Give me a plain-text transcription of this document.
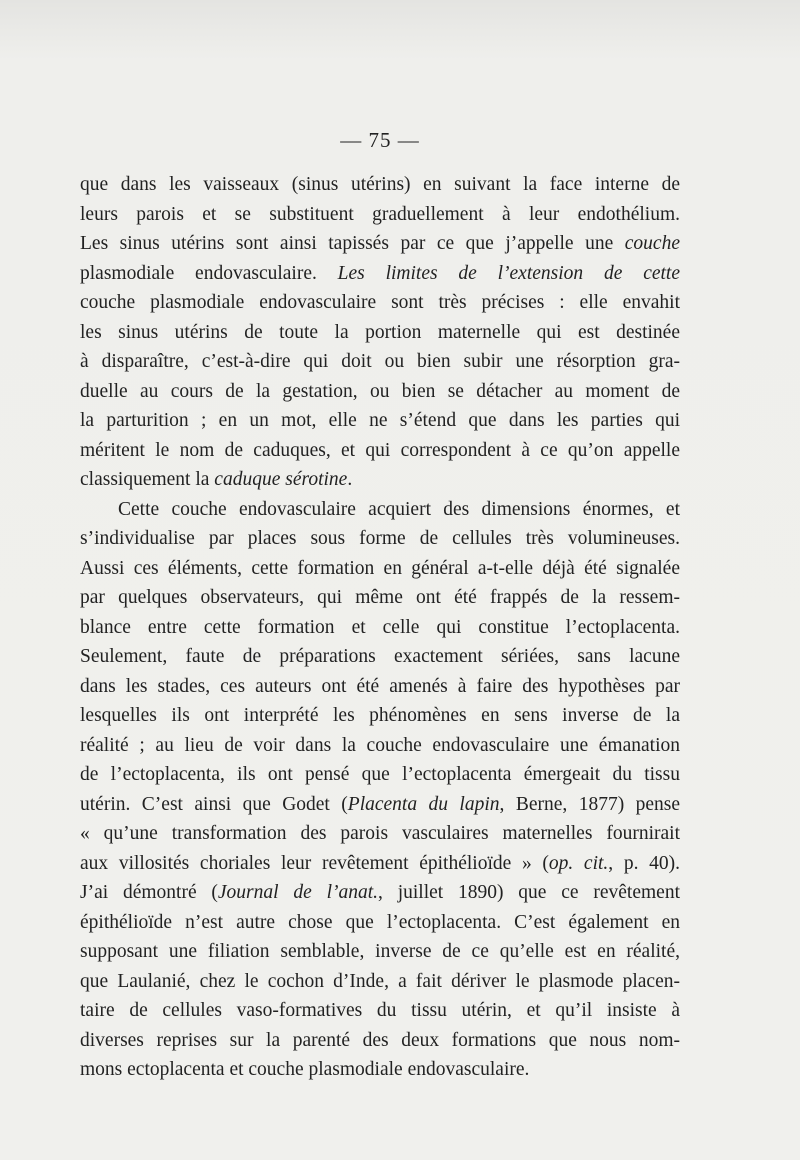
— 75 —
que dans les vaisseaux (sinus utérins) en suivant la face interne de
leurs parois et se substituent graduellement à leur endothélium.
Les sinus utérins sont ainsi tapissés par ce que j’appelle une couche
plasmodiale endovasculaire. Les limites de l’extension de cette
couche plasmodiale endovasculaire sont très précises : elle envahit
les sinus utérins de toute la portion maternelle qui est destinée
à disparaître, c’est-à-dire qui doit ou bien subir une résorption gra-
duelle au cours de la gestation, ou bien se détacher au moment de
la parturition ; en un mot, elle ne s’étend que dans les parties qui
méritent le nom de caduques, et qui correspondent à ce qu’on appelle
classiquement la caduque sérotine.
Cette couche endovasculaire acquiert des dimensions énormes, et
s’individualise par places sous forme de cellules très volumineuses.
Aussi ces éléments, cette formation en général a-t-elle déjà été signalée
par quelques observateurs, qui même ont été frappés de la ressem-
blance entre cette formation et celle qui constitue l’ectoplacenta.
Seulement, faute de préparations exactement sériées, sans lacune
dans les stades, ces auteurs ont été amenés à faire des hypothèses par
lesquelles ils ont interprété les phénomènes en sens inverse de la
réalité ; au lieu de voir dans la couche endovasculaire une émanation
de l’ectoplacenta, ils ont pensé que l’ectoplacenta émergeait du tissu
utérin. C’est ainsi que Godet (Placenta du lapin, Berne, 1877) pense
« qu’une transformation des parois vasculaires maternelles fournirait
aux villosités choriales leur revêtement épithélioïde » (op. cit., p. 40).
J’ai démontré (Journal de l’anat., juillet 1890) que ce revêtement
épithélioïde n’est autre chose que l’ectoplacenta. C’est également en
supposant une filiation semblable, inverse de ce qu’elle est en réalité,
que Laulanié, chez le cochon d’Inde, a fait dériver le plasmode placen-
taire de cellules vaso-formatives du tissu utérin, et qu’il insiste à
diverses reprises sur la parenté des deux formations que nous nom-
mons ectoplacenta et couche plasmodiale endovasculaire.
